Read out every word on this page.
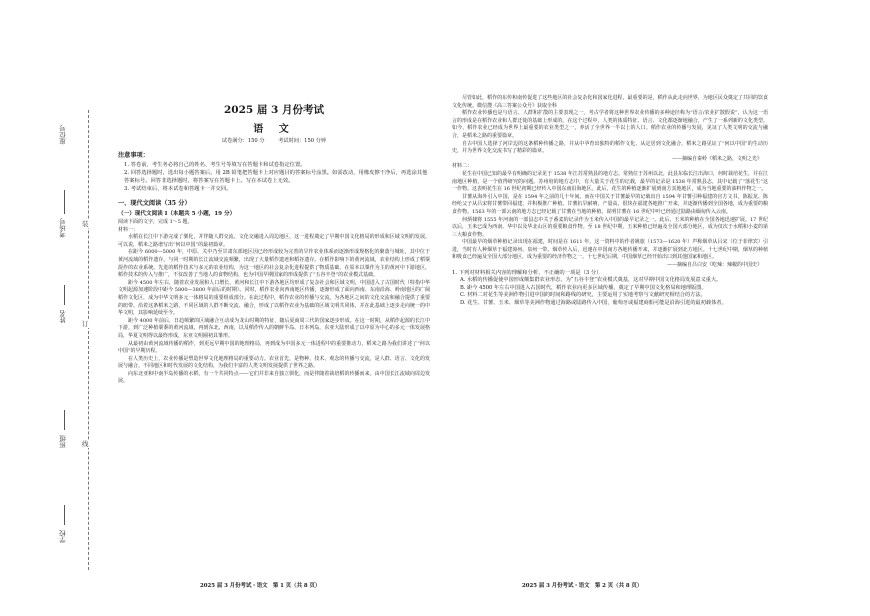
学校
班级
姓名
考场号
座位号
线
订
装
2025 届 3 月份考试
语 文
试卷满分：150 分	考试时间：150 分钟
注意事项：

1. 答卷前，考生务必将自己的姓名、考生号等填写在答题卡和试卷指定位置。

2. 回答选择题时，选出每小题答案后，用 2B 铅笔把答题卡上对应题目的答案标号涂黑。如需改动，用橡皮擦干净后，再选涂其他答案标号。回答非选择题时，将答案写在答题卡上。写在本试卷上无效。

3. 考试结束后，将本试卷和答题卡一并交回。

一、现代文阅读（35 分）
（一）现代文阅读 I（本题共 5 小题，19 分）

阅读下面的文字，完成 1～5 题。

材料一：

水稻在长江中下游完成了驯化，并伴随人群交流、文化交融进入周边地区，这一进程奠定了早期中国文化格局的形成和区域文明的发展。可以说，稻米之路谱写出“何以中国”的最初篇章。

在距今 6000—5000 年，中原、关中乃至甘肃东部地区因已经形成较为完善的旱作农业体系而逐渐形成规格化的聚落与城址，其中位于黄河流域的稻作遗存，与同一时期的长江流域交流频繁，出现了大量稻作遗迹和稻谷遗存。在稻作影响下的黄河流域，农业结构上形成了稻粟混作的农业系统。先进的稻作技术与多元的农业结构，为这一地区的社会复杂化进程提供了物质基础。在原本以粟作为主的黄河中下游地区，稻作技术的传入与推广，不仅改善了当地人的食物结构，也为中国早期国家的形成提供了“五谷丰登”的农业模式基础。

距今 4500 年左右，随着农业发展和人口增长，黄河和长江中下游各地区均形成了复杂社会和区域文明，中国进入了古国时代（特指中华文明起源加速阶段中距今 5800—3800 年前后的时期）。同时，稻作农业向西南地区传播，逐渐形成了面向西南、东南沿海、岭南地区的广阔稻作文化区，成为中华文明多元一体格局的重要组成部分。在此过程中，稻作农业的传播与交流，为各地区之间的文化交流和融合提供了重要的纽带。沿着这条稻米之路，不同区域的人群不断交流、融合，形成了以稻作农业为基础的区域文明共同体，并在此基础上逐步走向统一的中华文明，其影响延续至今。

距今 4000 年前后，日趋频繁的区域融合互动成为龙山时期的特征，随后夏商周三代的国家逐步形成。在这一时期，从稻作起源的长江中下游，到广泛种植粟黍的黄河流域，再到东北、西南，以及稻作传入的朝鲜半岛、日本列岛，东亚大陆形成了以中原为中心的多元一体发展格局，华夏文明得以最终形成，东亚文明圈初具雏形。

从最初由黄河流域传播的稻作，到更远早期中国的地理格局，再到成为中国多元一体进程中的重要推动力，稻米之路为我们讲述了“何以中国”的早期历程。

在人类历史上，农业传播是塑造世界文化地理格局的重要动力。农业首先，是物种、技术、观念的传播与交流，是人群、语言、文化的发展与融合。不同地区和时代发展的文化结构，为我们丰富的人类文明发展提供了世界之路。

向东北亚和中南半岛传播的水稻，有一个共同特点——它们并非来自独立驯化，而是伴随着栽培稻的传播而来，由中国长江流域向周边发展。

尽管如此，稻作的东传和南传促进了这些地区的社会复杂化和国家化进程，最重要的是，稻作从此走向世界，为地区民众奠定了共同的饮食文化传统。微信搜《高三答案公众号》获取全科

稻作农业传播也是与语言、人群和扩散的主要表现之一。考古学者将这种世界农业传播的多种途径称为“语言/农业扩散假说”，认为这一语言的形成是在稻作农业和人群迁徙的基础上形成的。在这个过程中，人类的体质特征、语言、文化都逐渐地融合，产生了一系列新的文化类型。如今，稻作农业已经成为世界上最重要的农业类型之一，养活了全世界一半以上的人口。稻作农业的传播与发展，见证了人类文明的交流与融合，是稻米之路的重要篇章。

自古中国人选择了河岸边的这条稻种传播之路，并从中孕育出独特的稻作文化，从定居到文化融合，稻米之路见证了“何以中国”的生动历史，并为世界文化交流书写了精彩的篇章。

——摘编自秦岭《稻米之路，文明之光》

材料二：

花生在中国已知的最早有明确的记录见于 1538 年江苏常熟县的地方志。常熟位于苏州以北，此县东临长江出海口，何时栽培花生，并在江南地区种植，是一个值得研究的问题。苏州府的地方志中，有大量关于花生的记载，最早的记录是 1538 年常熟县志，其中记载了“落花生”这一作物。这表明花生在 16 世纪初期已经传入中国东南沿海地区。此后，花生的种植逐渐扩展到南方其他地区，成为当地重要的油料作物之一。

甘薯从海外引入中国，是在 1594 年之前的几十年间。而在中国关于甘薯最早的记载出自 1594 年甘薯引种福建的官方文书，陈振龙、陈经纶父子从吕宋将甘薯带回福建，并积极推广种植。甘薯抗旱耐瘠，产量高，很快在福建各地推广开来，并逐渐传播到全国各地，成为重要的粮食作物。1563 年的一部云南的地方志已经记载了甘薯在当地的种植，说明甘薯在 16 世纪中叶已经通过陆路由缅甸传入云南。

何炳棣将 1555 年河南的一部县志中关于番麦的记录作为玉米传入中国的最早记录之一。此后，玉米的种植在全国各地迅速扩展。17 世纪以后，玉米已成为西南、华中以及华北山区的重要粮食作物。至 18 世纪中期，玉米种植已经遍及全国大部分地区，成为仅次于水稻和小麦的第三大粮食作物。

中国最早的烟草种植记录出现在福建，时间是在 1611 年。这一资料中的作者姚旅（1573—1620 年）声称烟草从吕宋（位于菲律宾）引进，当时有人种烟草于福建漳州、泉州一带。烟草传入后，迅速在中国南方各地传播开来，并逐渐扩展到北方地区。十七世纪中期，烟草的种植和吸食已经遍及全国大部分地区，成为重要的经济作物之一。十七世纪后期，中国烟草已经开始出口到其他国家和地区。

——摘编自吕白安《吃辣：辣椒的中国史》

1. 下列对材料相关内容的理解和分析，不正确的一项是（3 分）

A. 水稻的传播促使中国形成颇集群农业形态，为“五谷丰登”农业模式奠基，这对早期中国文化格局发展意义重大。

B. 距今 4500 年左右中国进入古国时代，稻作农业向更多区域传播，奠定了早期中国文化格局和地理版图。

C. 材料二对花生等美洲作物引进中国的时间和路线的研究，主要运用了实地考察与文献研究相结合的方法。

D. 花生、甘薯、玉米、烟草等美洲作物通过海路或陆路传入中国，葡萄牙或福建商船可能是沿海引进的最初载体者。

2025 届 3 月份考试・语文　第 1 页（共 8 页）	2025 届 3 月份考试・语文　第 2 页（共 8 页）
